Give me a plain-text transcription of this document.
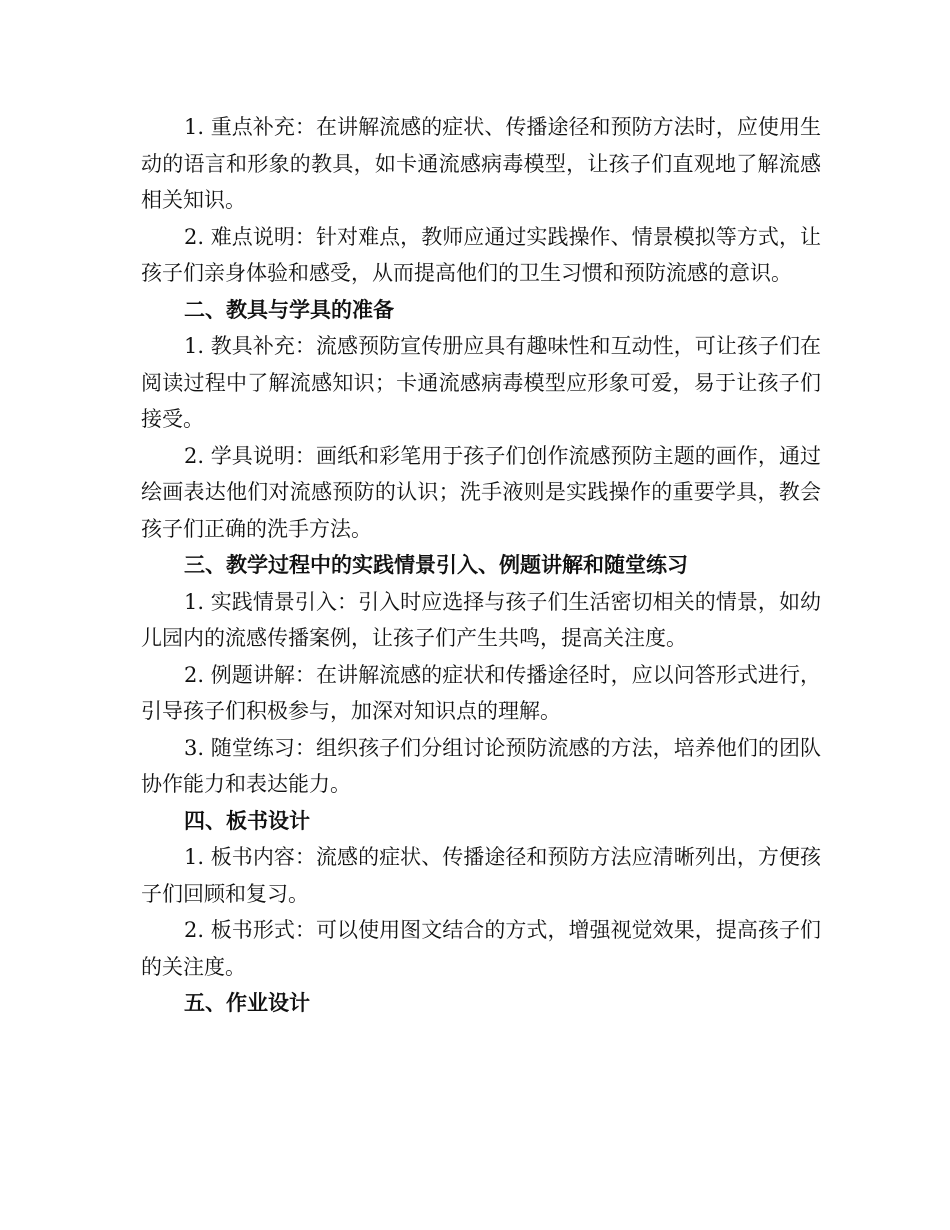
1. 重点补充：在讲解流感的症状、传播途径和预防方法时，应使用生动的语言和形象的教具，如卡通流感病毒模型，让孩子们直观地了解流感相关知识。

2. 难点说明：针对难点，教师应通过实践操作、情景模拟等方式，让孩子们亲身体验和感受，从而提高他们的卫生习惯和预防流感的意识。

二、教具与学具的准备

1. 教具补充：流感预防宣传册应具有趣味性和互动性，可让孩子们在阅读过程中了解流感知识；卡通流感病毒模型应形象可爱，易于让孩子们接受。

2. 学具说明：画纸和彩笔用于孩子们创作流感预防主题的画作，通过绘画表达他们对流感预防的认识；洗手液则是实践操作的重要学具，教会孩子们正确的洗手方法。

三、教学过程中的实践情景引入、例题讲解和随堂练习

1. 实践情景引入：引入时应选择与孩子们生活密切相关的情景，如幼儿园内的流感传播案例，让孩子们产生共鸣，提高关注度。

2. 例题讲解：在讲解流感的症状和传播途径时，应以问答形式进行，引导孩子们积极参与，加深对知识点的理解。

3. 随堂练习：组织孩子们分组讨论预防流感的方法，培养他们的团队协作能力和表达能力。

四、板书设计

1. 板书内容：流感的症状、传播途径和预防方法应清晰列出，方便孩子们回顾和复习。

2. 板书形式：可以使用图文结合的方式，增强视觉效果，提高孩子们的关注度。

五、作业设计
